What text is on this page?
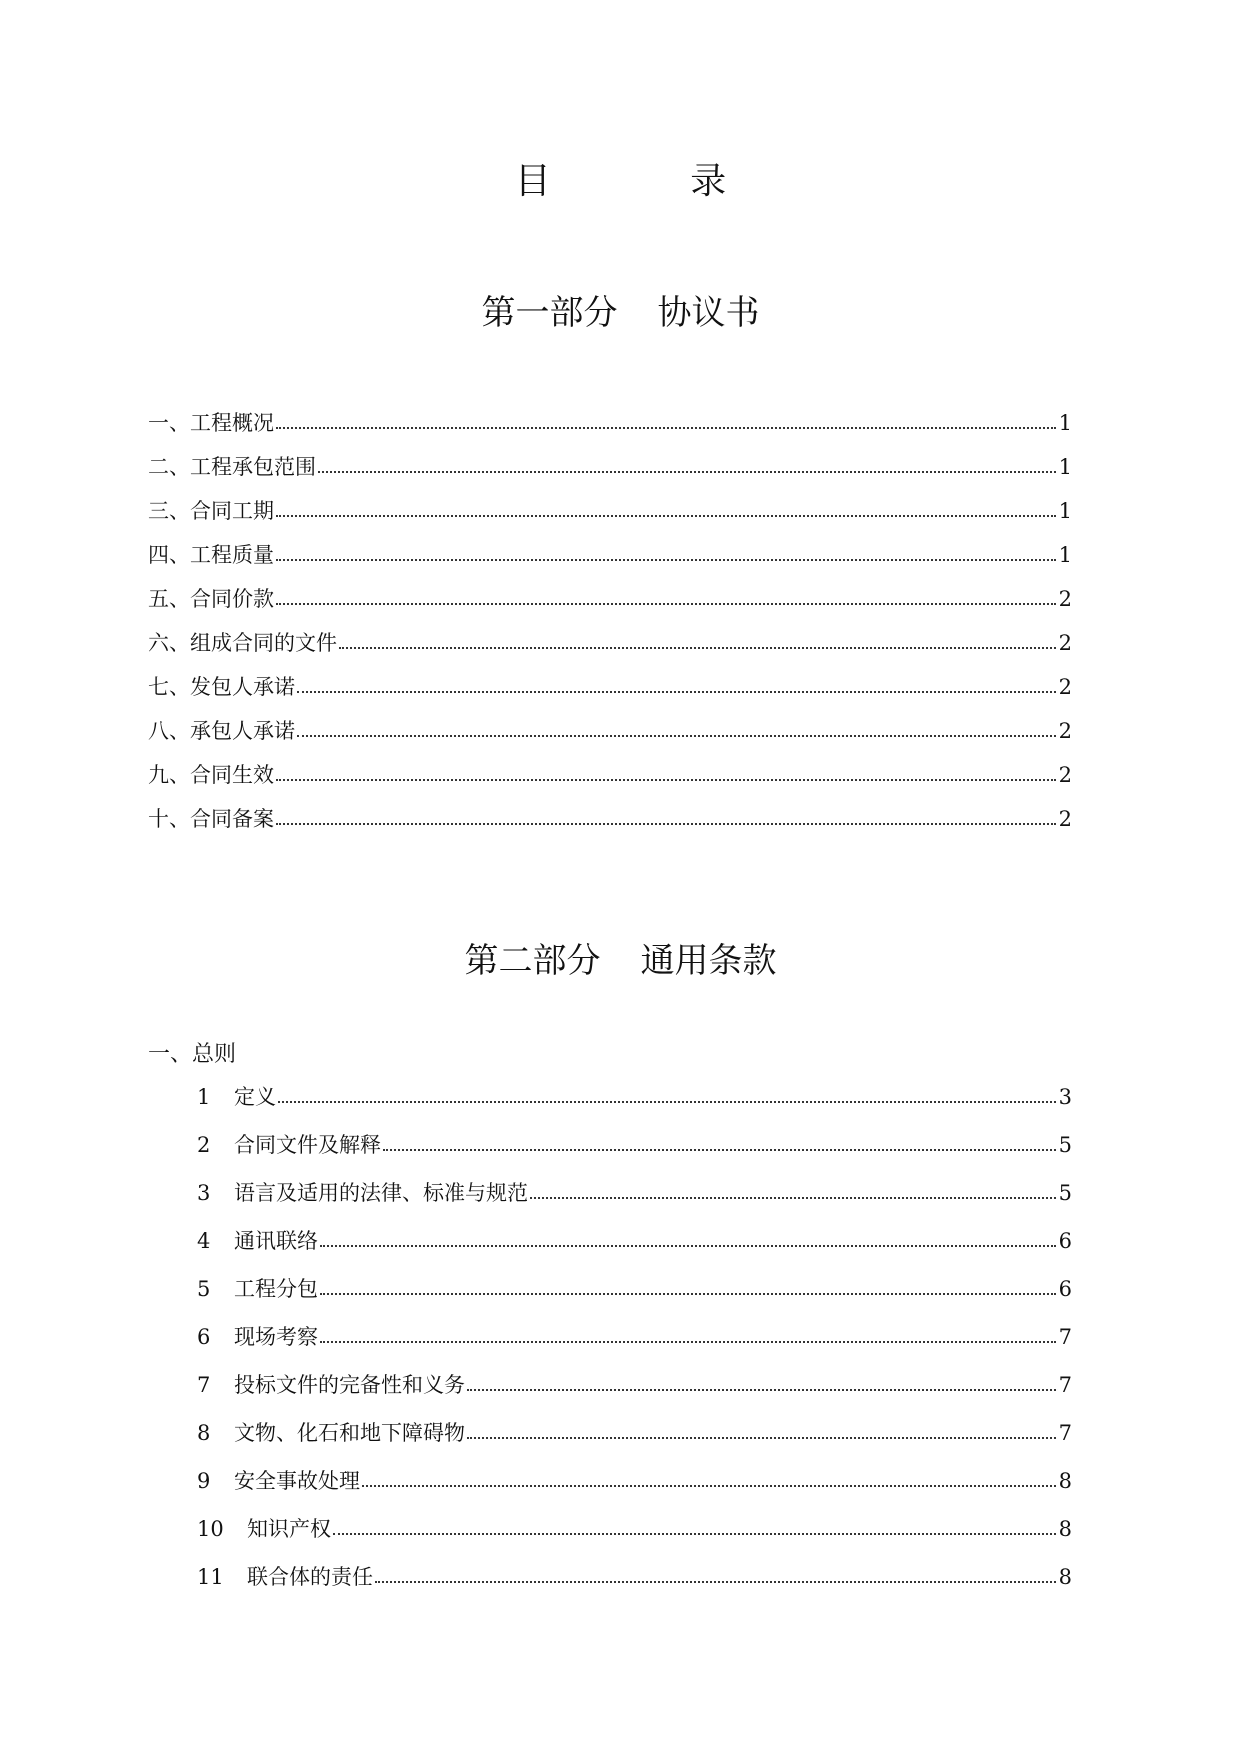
目 录
第一部分 协议书
一、工程概况	1
二、工程承包范围	1
三、合同工期	1
四、工程质量	1
五、合同价款	2
六、组成合同的文件	2
七、发包人承诺	2
八、承包人承诺	2
九、合同生效	2
十、合同备案	2
第二部分 通用条款
一、总则
1 定义	3
2 合同文件及解释	5
3 语言及适用的法律、标准与规范	5
4 通讯联络	6
5 工程分包	6
6 现场考察	7
7 投标文件的完备性和义务	7
8 文物、化石和地下障碍物	7
9 安全事故处理	8
10 知识产权	8
11 联合体的责任	8
